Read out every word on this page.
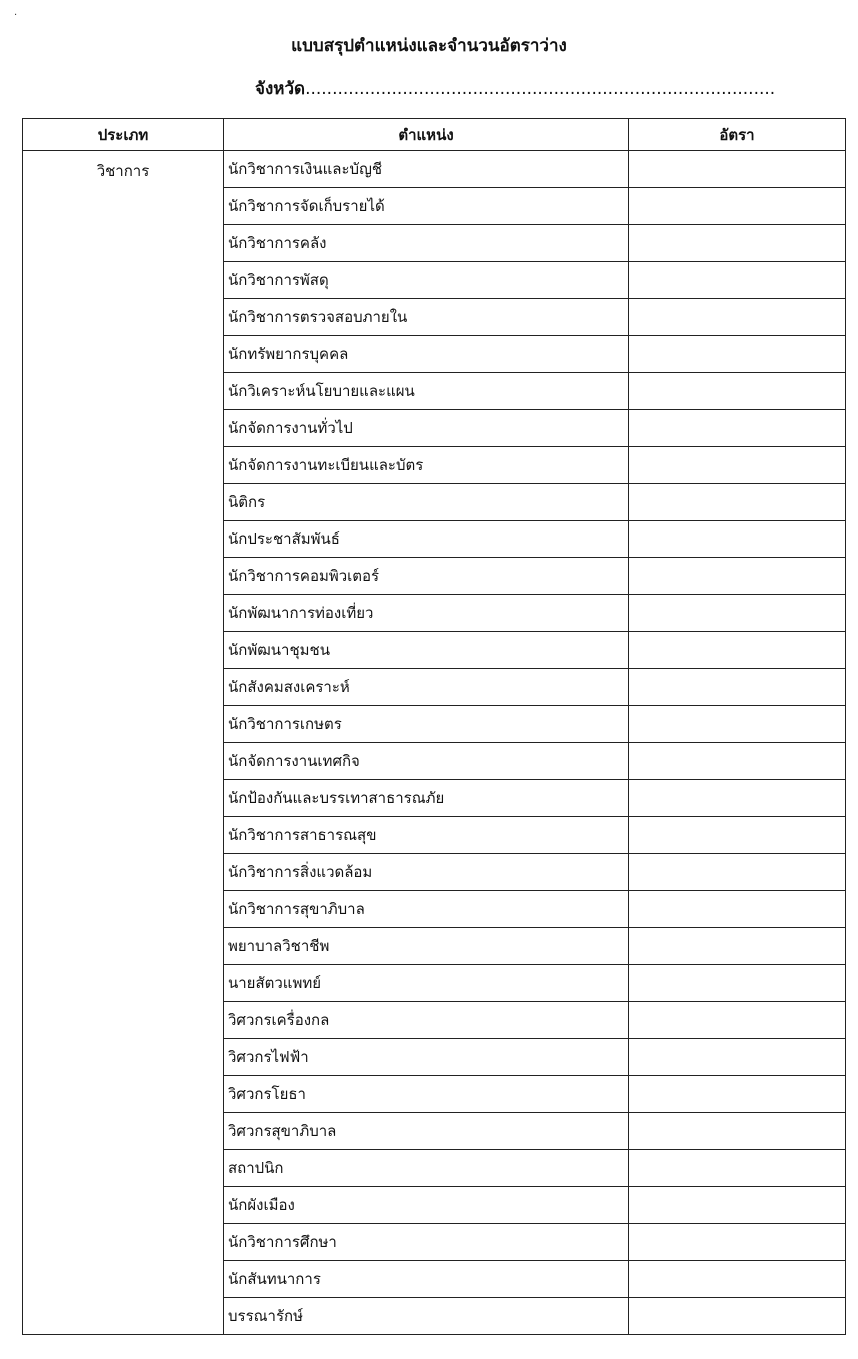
·
แบบสรุปตำแหน่งและจำนวนอัตราว่าง
จังหวัด.......................................................................................
ประเภท	ตำแหน่ง	อัตรา
วิชาการ	นักวิชาการเงินและบัญชี	
	นักวิชาการจัดเก็บรายได้	
	นักวิชาการคลัง	
	นักวิชาการพัสดุ	
	นักวิชาการตรวจสอบภายใน	
	นักทรัพยากรบุคคล	
	นักวิเคราะห์นโยบายและแผน	
	นักจัดการงานทั่วไป	
	นักจัดการงานทะเบียนและบัตร	
	นิติกร	
	นักประชาสัมพันธ์	
	นักวิชาการคอมพิวเตอร์	
	นักพัฒนาการท่องเที่ยว	
	นักพัฒนาชุมชน	
	นักสังคมสงเคราะห์	
	นักวิชาการเกษตร	
	นักจัดการงานเทศกิจ	
	นักป้องกันและบรรเทาสาธารณภัย	
	นักวิชาการสาธารณสุข	
	นักวิชาการสิ่งแวดล้อม	
	นักวิชาการสุขาภิบาล	
	พยาบาลวิชาชีพ	
	นายสัตวแพทย์	
	วิศวกรเครื่องกล	
	วิศวกรไฟฟ้า	
	วิศวกรโยธา	
	วิศวกรสุขาภิบาล	
	สถาปนิก	
	นักผังเมือง	
	นักวิชาการศึกษา	
	นักสันทนาการ	
	บรรณารักษ์	
